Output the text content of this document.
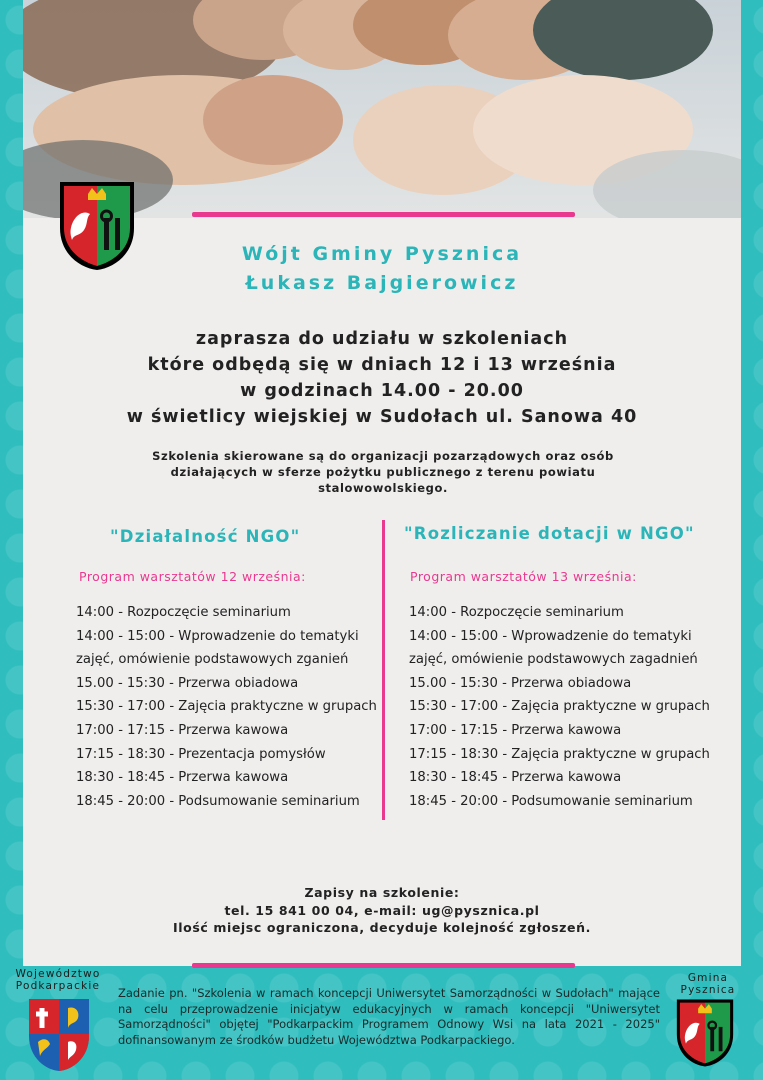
Wójt Gminy Pysznica
Łukasz Bajgierowicz
zaprasza do udziału w szkoleniach
które odbędą się w dniach 12 i 13 września
w godzinach 14.00 - 20.00
w świetlicy wiejskiej w Sudołach ul. Sanowa 40
Szkolenia skierowane są do organizacji pozarządowych oraz osób
działających w sferze pożytku publicznego z terenu powiatu
stalowowolskiego.
"Działalność NGO"
Program warsztatów 12 września:
14:00 - Rozpoczęcie seminarium
14:00 - 15:00 - Wprowadzenie do tematyki
zajęć, omówienie podstawowych zganień
15.00 - 15:30 - Przerwa obiadowa
15:30 - 17:00 - Zajęcia praktyczne w grupach
17:00 - 17:15 - Przerwa kawowa
17:15 - 18:30 - Prezentacja pomysłów
18:30 - 18:45 - Przerwa kawowa
18:45 - 20:00 - Podsumowanie seminarium
"Rozliczanie dotacji w NGO"
Program warsztatów 13 września:
14:00 - Rozpoczęcie seminarium
14:00 - 15:00 - Wprowadzenie do tematyki
zajęć, omówienie podstawowych zagadnień
15.00 - 15:30 - Przerwa obiadowa
15:30 - 17:00 - Zajęcia praktyczne w grupach
17:00 - 17:15 - Przerwa kawowa
17:15 - 18:30 - Zajęcia praktyczne w grupach
18:30 - 18:45 - Przerwa kawowa
18:45 - 20:00 - Podsumowanie seminarium
Zapisy na szkolenie:
tel. 15 841 00 04, e-mail: ug@pysznica.pl
Ilość miejsc ograniczona, decyduje kolejność zgłoszeń.
Województwo
Podkarpackie	Zadanie pn. "Szkolenia w ramach koncepcji Uniwersytet Samorządności w Sudołach" mające na celu przeprowadzenie inicjatyw edukacyjnych w ramach koncepcji "Uniwersytet Samorządności" objętej "Podkarpackim Programem Odnowy Wsi na lata 2021 - 2025" dofinansowanym ze środków budżetu Województwa Podkarpackiego.
Gmina
Pysznica
